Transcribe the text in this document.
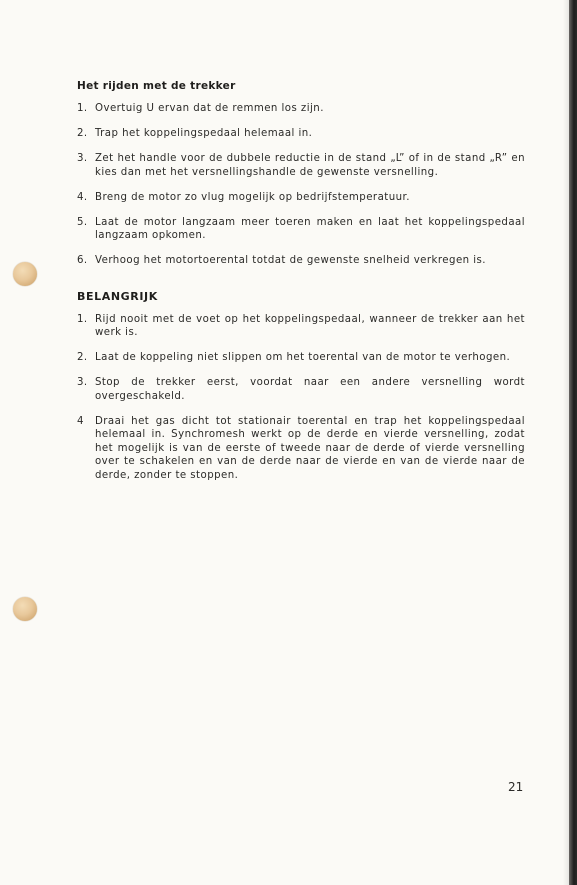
Het rijden met de trekker
1. Overtuig U ervan dat de remmen los zijn.
2. Trap het koppelingspedaal helemaal in.
3. Zet het handle voor de dubbele reductie in de stand „L” of in de stand „R” en kies dan met het versnellingshandle de gewenste versnelling.
4. Breng de motor zo vlug mogelijk op bedrijfstemperatuur.
5. Laat de motor langzaam meer toeren maken en laat het koppelingspedaal langzaam opkomen.
6. Verhoog het motortoerental totdat de gewenste snelheid verkregen is.
BELANGRIJK
1. Rijd nooit met de voet op het koppelingspedaal, wanneer de trekker aan het werk is.
2. Laat de koppeling niet slippen om het toerental van de motor te verhogen.
3. Stop de trekker eerst, voordat naar een andere versnelling wordt overgeschakeld.
4	Draai het gas dicht tot stationair toerental en trap het koppelingspedaal helemaal in. Synchromesh werkt op de derde en vierde versnelling, zodat het mogelijk is van de eerste of tweede naar de derde of vierde versnelling over te schakelen en van de derde naar de vierde en van de vierde naar de derde, zonder te stoppen.
21
